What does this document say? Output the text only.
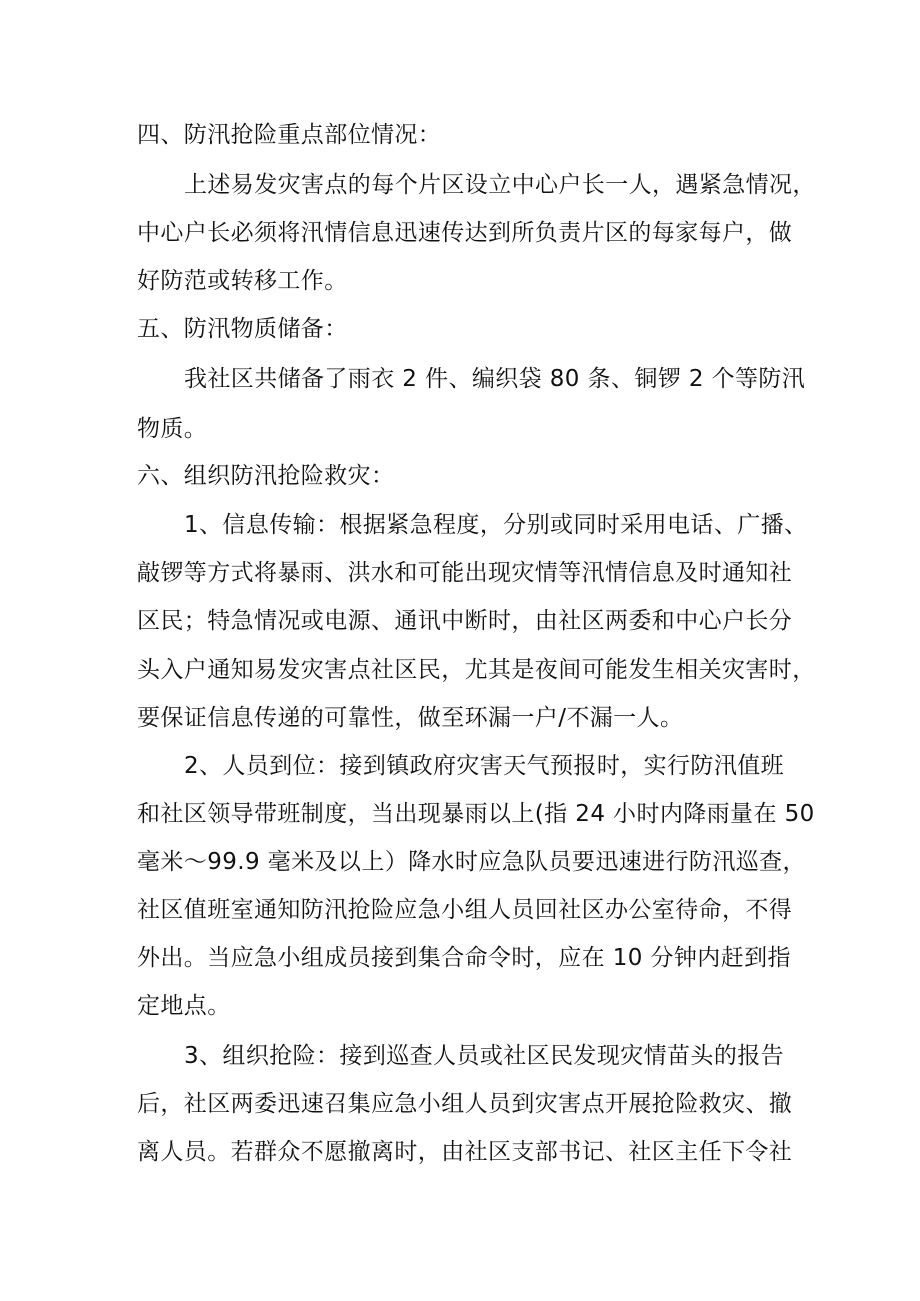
四、防汛抢险重点部位情况：
上述易发灾害点的每个片区设立中心户长一人，遇紧急情况，
中心户长必须将汛情信息迅速传达到所负责片区的每家每户，做
好防范或转移工作。
五、防汛物质储备：
我社区共储备了雨衣 2 件、编织袋 80 条、铜锣 2 个等防汛
物质。
六、组织防汛抢险救灾：
1、信息传输：根据紧急程度，分别或同时采用电话、广播、
敲锣等方式将暴雨、洪水和可能出现灾情等汛情信息及时通知社
区民；特急情况或电源、通讯中断时，由社区两委和中心户长分
头入户通知易发灾害点社区民，尤其是夜间可能发生相关灾害时，
要保证信息传递的可靠性，做至环漏一户/不漏一人。
2、人员到位：接到镇政府灾害天气预报时，实行防汛值班
和社区领导带班制度，当出现暴雨以上(指 24 小时内降雨量在 50
毫米〜99.9 毫米及以上）降水时应急队员要迅速进行防汛巡查，
社区值班室通知防汛抢险应急小组人员回社区办公室待命，不得
外出。当应急小组成员接到集合命令时，应在 10 分钟内赶到指
定地点。
3、组织抢险：接到巡查人员或社区民发现灾情苗头的报告
后，社区两委迅速召集应急小组人员到灾害点开展抢险救灾、撤
离人员。若群众不愿撤离时，由社区支部书记、社区主任下令社
